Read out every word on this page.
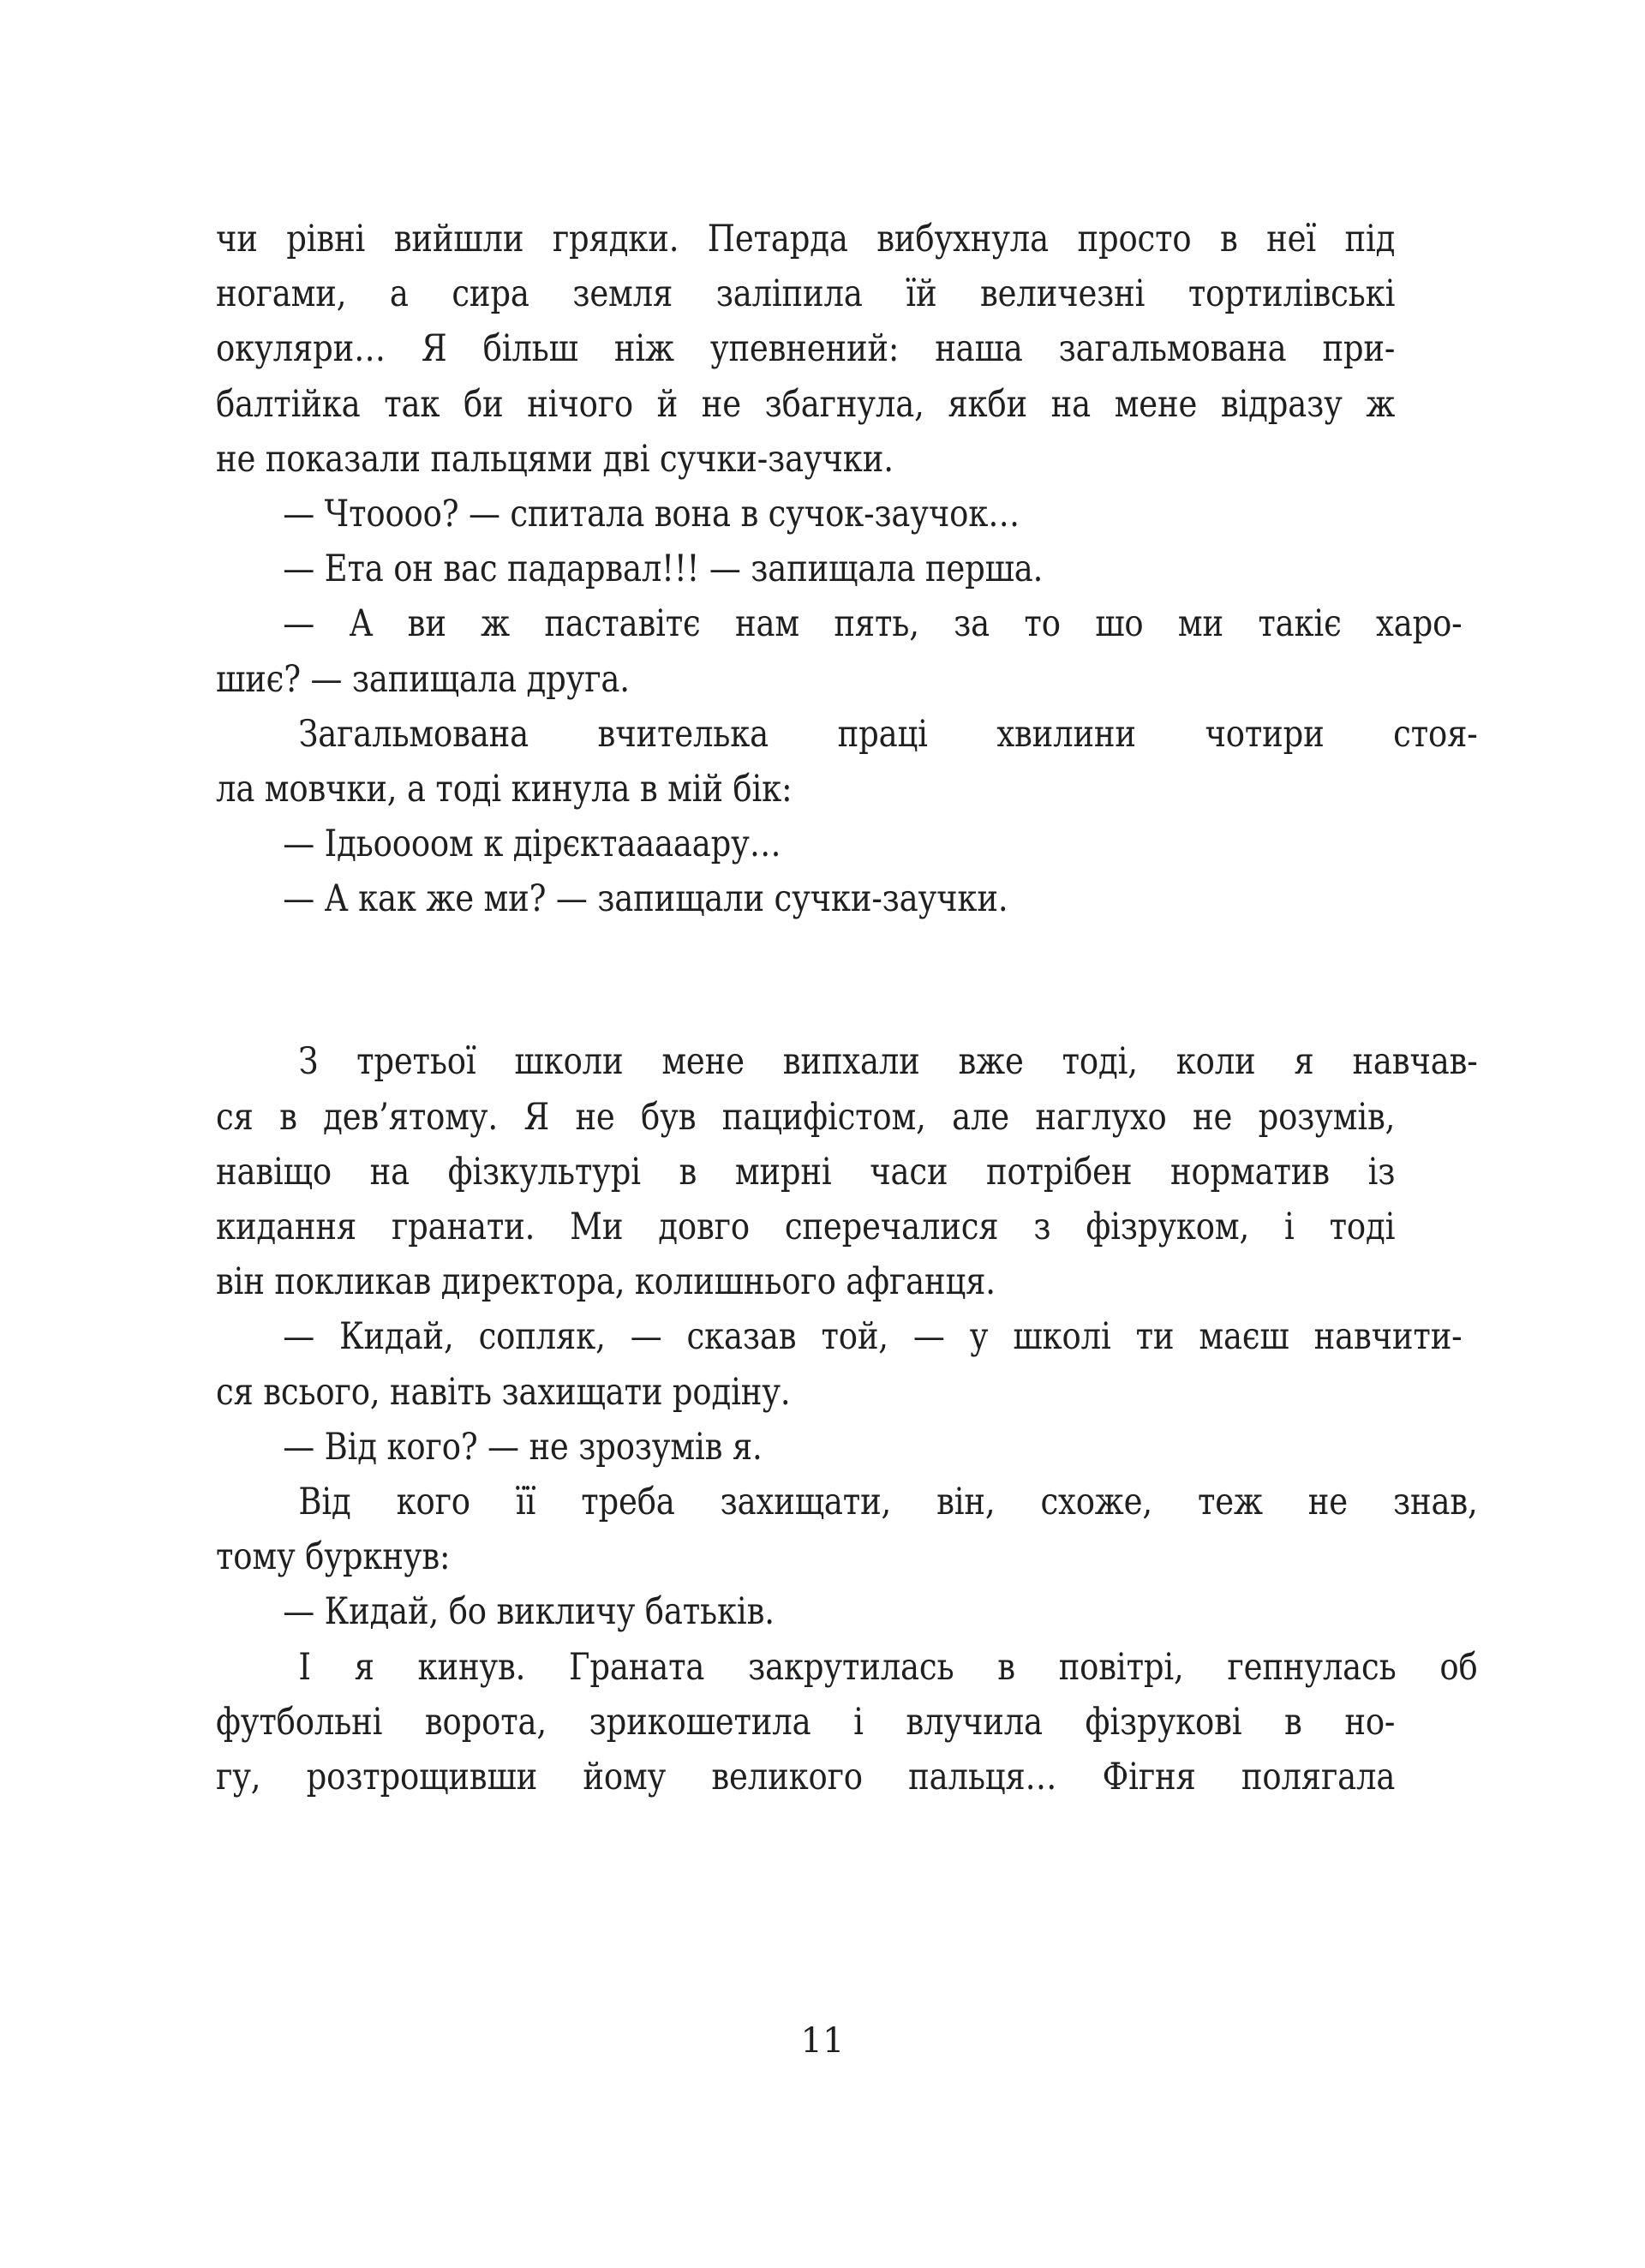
чи рівні вийшли грядки. Петарда вибухнула просто в неї під
ногами, а сира земля заліпила їй величезні тортилівські
окуляри… Я більш ніж упевнений: наша загальмована при-
балтійка так би нічого й не збагнула, якби на мене відразу ж
не показали пальцями дві сучки-заучки.
— Чтоооо? — спитала вона в сучок-заучок…
— Ета он вас падарвал!!! — запищала перша.
— А ви ж паставітє нам пять, за то шо ми такіє харо-
шиє? — запищала друга.
Загальмована вчителька праці хвилини чотири стоя-
ла мовчки, а тоді кинула в мій бік:
— Ідьоооом к дірєктааааару…
— А как же ми? — запищали сучки-заучки.
З третьої школи мене випхали вже тоді, коли я навчав-
ся в дев’ятому. Я не був пацифістом, але наглухо не розумів,
навіщо на фізкультурі в мирні часи потрібен норматив із
кидання гранати. Ми довго сперечалися з фізруком, і тоді
він покликав директора, колишнього афганця.
— Кидай, сопляк, — сказав той, — у школі ти маєш навчити-
ся всього, навіть захищати родіну.
— Від кого? — не зрозумів я.
Від кого її треба захищати, він, схоже, теж не знав,
тому буркнув:
— Кидай, бо викличу батьків.
І я кинув. Граната закрутилась в повітрі, гепнулась об
футбольні ворота, зрикошетила і влучила фізрукові в но-
гу, розтрощивши йому великого пальця… Фігня полягала
11
